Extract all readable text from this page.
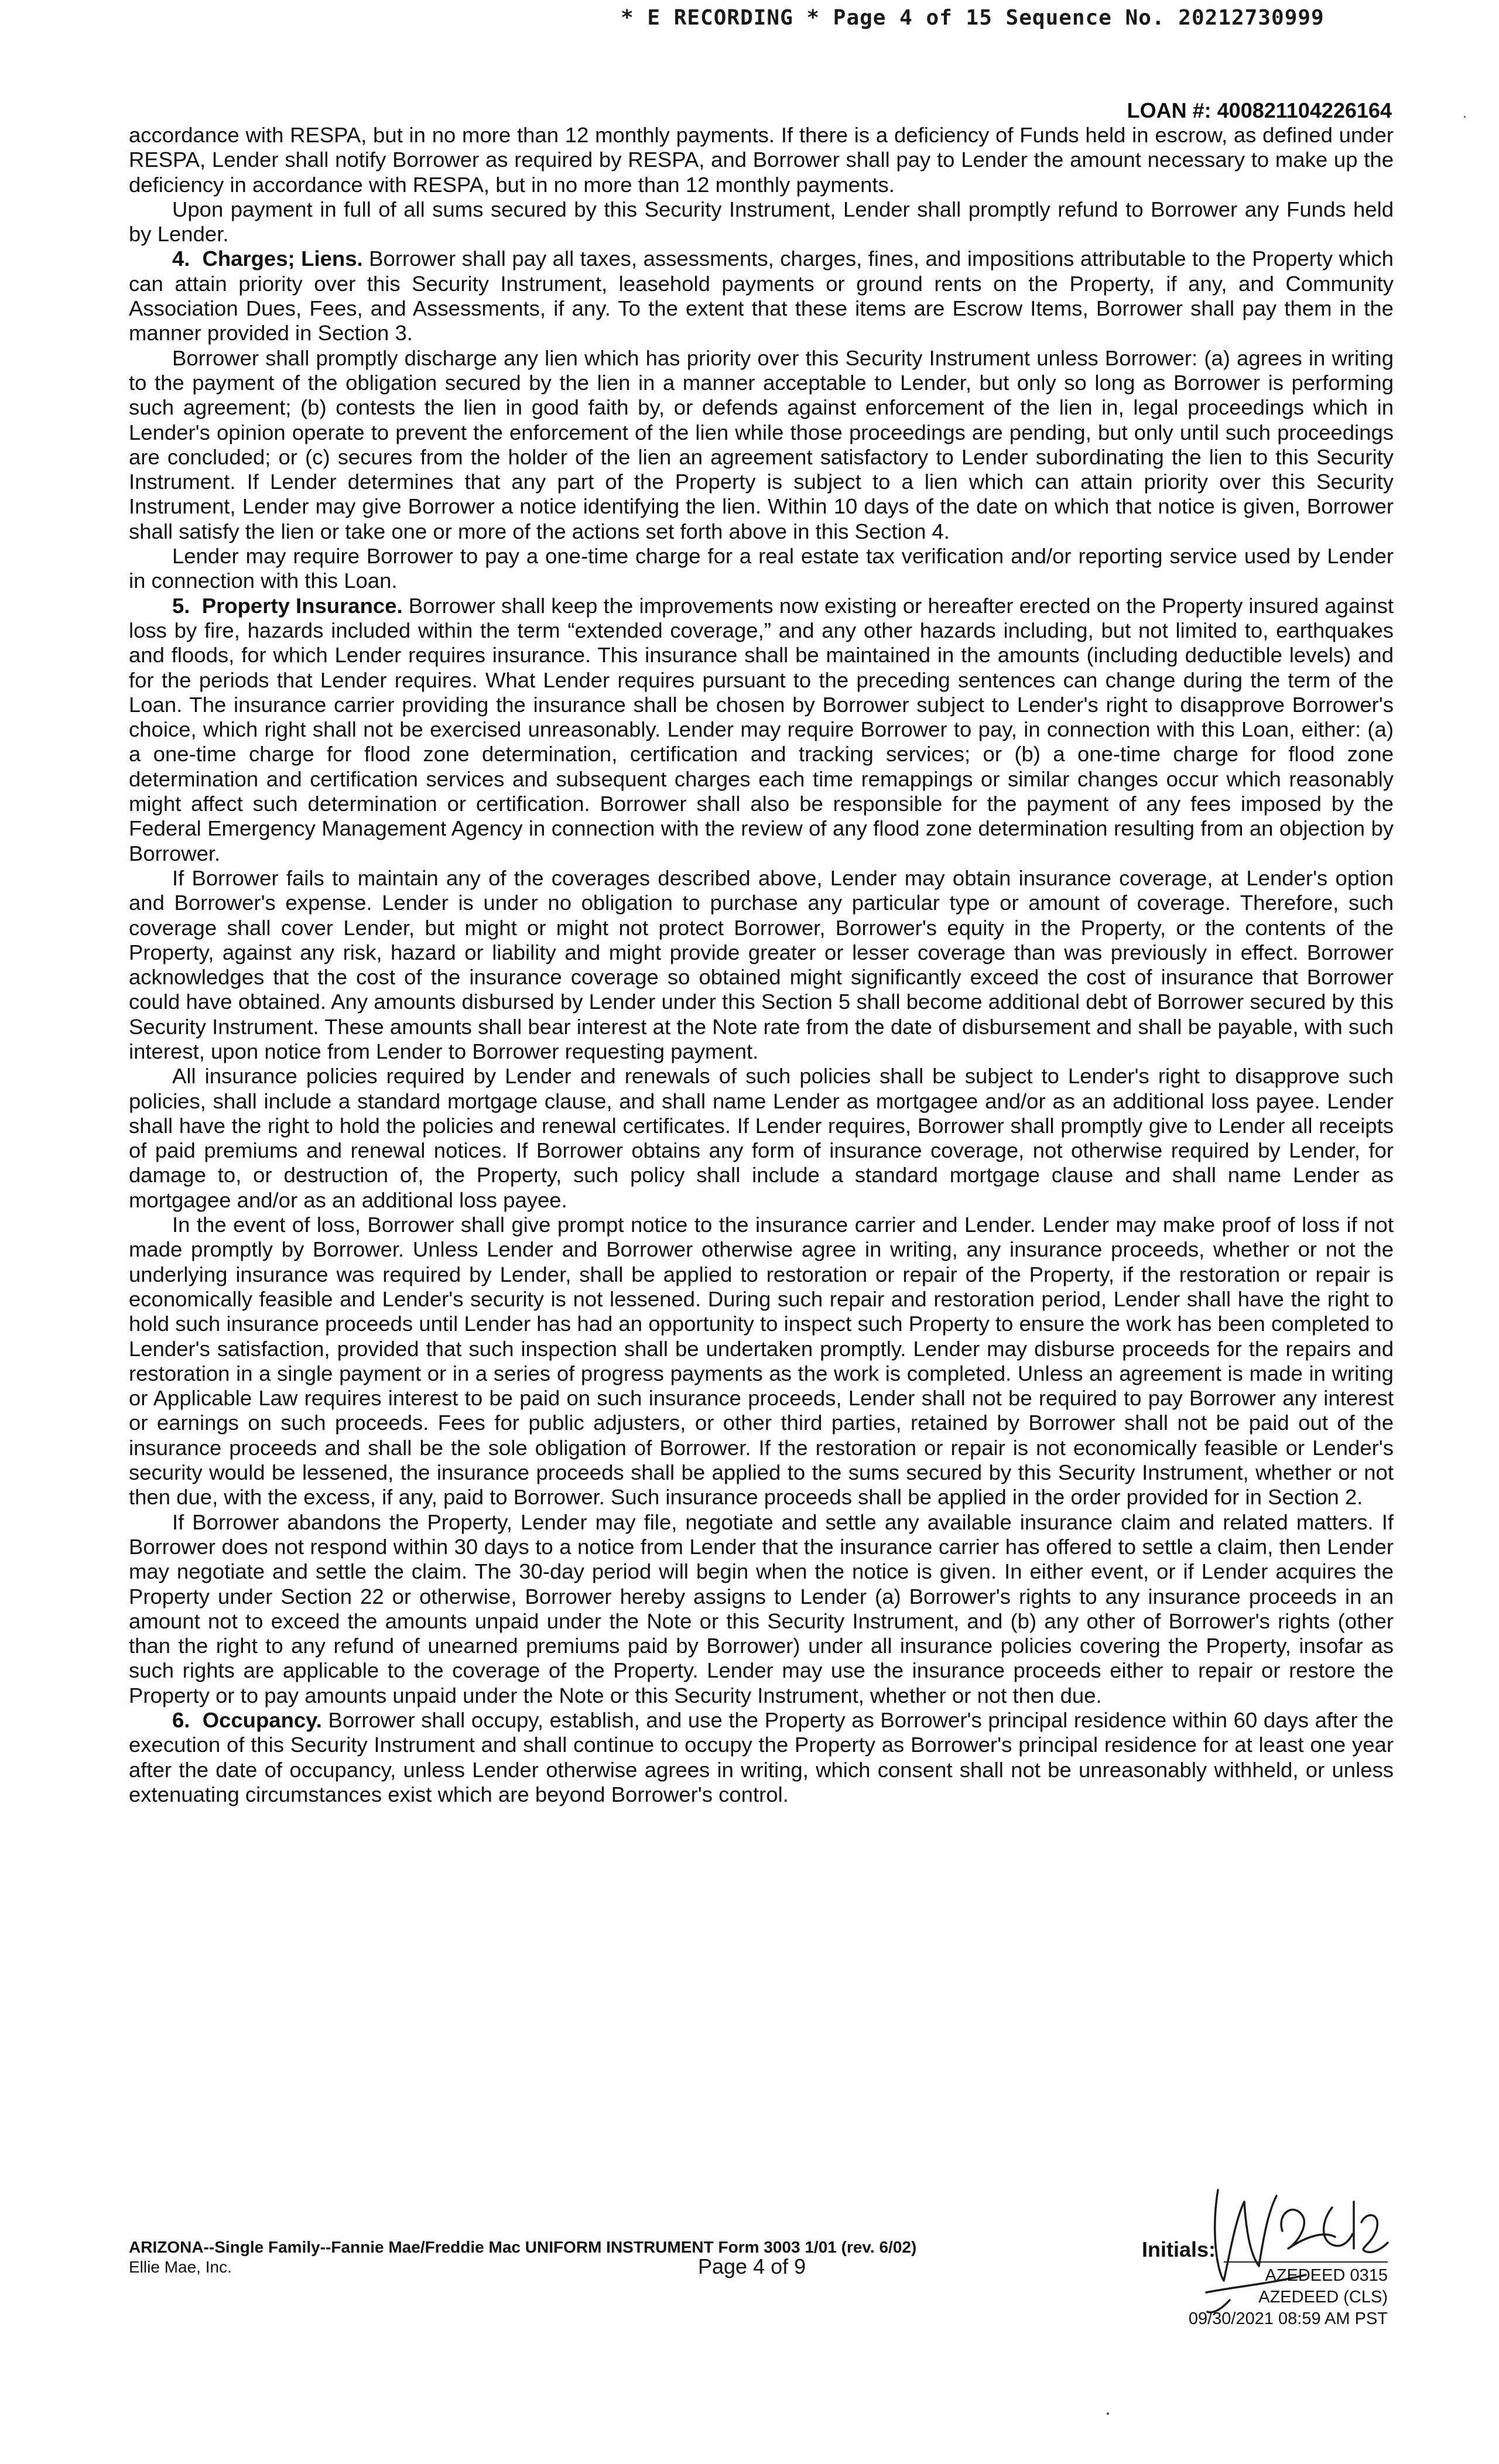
* E RECORDING * Page 4 of 15 Sequence No. 20212730999
LOAN #: 400821104226164

accordance with RESPA, but in no more than 12 monthly payments. If there is a deficiency of Funds held in escrow, as defined under RESPA, Lender shall notify Borrower as required by RESPA, and Borrower shall pay to Lender the amount necessary to make up the deficiency in accordance with RESPA, but in no more than 12 monthly payments.

Upon payment in full of all sums secured by this Security Instrument, Lender shall promptly refund to Borrower any Funds held by Lender.

4. Charges; Liens. Borrower shall pay all taxes, assessments, charges, fines, and impositions attributable to the Property which can attain priority over this Security Instrument, leasehold payments or ground rents on the Property, if any, and Community Association Dues, Fees, and Assessments, if any. To the extent that these items are Escrow Items, Borrower shall pay them in the manner provided in Section 3.

Borrower shall promptly discharge any lien which has priority over this Security Instrument unless Borrower: (a) agrees in writing to the payment of the obligation secured by the lien in a manner acceptable to Lender, but only so long as Borrower is performing such agreement; (b) contests the lien in good faith by, or defends against enforcement of the lien in, legal proceedings which in Lender's opinion operate to prevent the enforcement of the lien while those proceedings are pending, but only until such proceedings are concluded; or (c) secures from the holder of the lien an agreement satisfactory to Lender subordinating the lien to this Security Instrument. If Lender determines that any part of the Property is subject to a lien which can attain priority over this Security Instrument, Lender may give Borrower a notice identifying the lien. Within 10 days of the date on which that notice is given, Borrower shall satisfy the lien or take one or more of the actions set forth above in this Section 4.

Lender may require Borrower to pay a one-time charge for a real estate tax verification and/or reporting service used by Lender in connection with this Loan.

5. Property Insurance. Borrower shall keep the improvements now existing or hereafter erected on the Property insured against loss by fire, hazards included within the term “extended coverage,” and any other hazards including, but not limited to, earthquakes and floods, for which Lender requires insurance. This insurance shall be maintained in the amounts (including deductible levels) and for the periods that Lender requires. What Lender requires pursuant to the preceding sentences can change during the term of the Loan. The insurance carrier providing the insurance shall be chosen by Borrower subject to Lender's right to disapprove Borrower's choice, which right shall not be exercised unreasonably. Lender may require Borrower to pay, in connection with this Loan, either: (a) a one-time charge for flood zone determination, certification and tracking services; or (b) a one-time charge for flood zone determination and certification services and subsequent charges each time remappings or similar changes occur which reasonably might affect such determination or certification. Borrower shall also be responsible for the payment of any fees imposed by the Federal Emergency Management Agency in connection with the review of any flood zone determination resulting from an objection by Borrower.

If Borrower fails to maintain any of the coverages described above, Lender may obtain insurance coverage, at Lender's option and Borrower's expense. Lender is under no obligation to purchase any particular type or amount of coverage. Therefore, such coverage shall cover Lender, but might or might not protect Borrower, Borrower's equity in the Property, or the contents of the Property, against any risk, hazard or liability and might provide greater or lesser coverage than was previously in effect. Borrower acknowledges that the cost of the insurance coverage so obtained might significantly exceed the cost of insurance that Borrower could have obtained. Any amounts disbursed by Lender under this Section 5 shall become additional debt of Borrower secured by this Security Instrument. These amounts shall bear interest at the Note rate from the date of disbursement and shall be payable, with such interest, upon notice from Lender to Borrower requesting payment.

All insurance policies required by Lender and renewals of such policies shall be subject to Lender's right to disapprove such policies, shall include a standard mortgage clause, and shall name Lender as mortgagee and/or as an additional loss payee. Lender shall have the right to hold the policies and renewal certificates. If Lender requires, Borrower shall promptly give to Lender all receipts of paid premiums and renewal notices. If Borrower obtains any form of insurance coverage, not otherwise required by Lender, for damage to, or destruction of, the Property, such policy shall include a standard mortgage clause and shall name Lender as mortgagee and/or as an additional loss payee.

In the event of loss, Borrower shall give prompt notice to the insurance carrier and Lender. Lender may make proof of loss if not made promptly by Borrower. Unless Lender and Borrower otherwise agree in writing, any insurance proceeds, whether or not the underlying insurance was required by Lender, shall be applied to restoration or repair of the Property, if the restoration or repair is economically feasible and Lender's security is not lessened. During such repair and restoration period, Lender shall have the right to hold such insurance proceeds until Lender has had an opportunity to inspect such Property to ensure the work has been completed to Lender's satisfaction, provided that such inspection shall be undertaken promptly. Lender may disburse proceeds for the repairs and restoration in a single payment or in a series of progress payments as the work is completed. Unless an agreement is made in writing or Applicable Law requires interest to be paid on such insurance proceeds, Lender shall not be required to pay Borrower any interest or earnings on such proceeds. Fees for public adjusters, or other third parties, retained by Borrower shall not be paid out of the insurance proceeds and shall be the sole obligation of Borrower. If the restoration or repair is not economically feasible or Lender's security would be lessened, the insurance proceeds shall be applied to the sums secured by this Security Instrument, whether or not then due, with the excess, if any, paid to Borrower. Such insurance proceeds shall be applied in the order provided for in Section 2.

If Borrower abandons the Property, Lender may file, negotiate and settle any available insurance claim and related matters. If Borrower does not respond within 30 days to a notice from Lender that the insurance carrier has offered to settle a claim, then Lender may negotiate and settle the claim. The 30-day period will begin when the notice is given. In either event, or if Lender acquires the Property under Section 22 or otherwise, Borrower hereby assigns to Lender (a) Borrower's rights to any insurance proceeds in an amount not to exceed the amounts unpaid under the Note or this Security Instrument, and (b) any other of Borrower's rights (other than the right to any refund of unearned premiums paid by Borrower) under all insurance policies covering the Property, insofar as such rights are applicable to the coverage of the Property. Lender may use the insurance proceeds either to repair or restore the Property or to pay amounts unpaid under the Note or this Security Instrument, whether or not then due.

6. Occupancy. Borrower shall occupy, establish, and use the Property as Borrower's principal residence within 60 days after the execution of this Security Instrument and shall continue to occupy the Property as Borrower's principal residence for at least one year after the date of occupancy, unless Lender otherwise agrees in writing, which consent shall not be unreasonably withheld, or unless extenuating circumstances exist which are beyond Borrower's control.

ARIZONA--Single Family--Fannie Mae/Freddie Mac UNIFORM INSTRUMENT Form 3003 1/01 (rev. 6/02)
Ellie Mae, Inc.	Page 4 of 9
Initials:
AZEDEED 0315
AZEDEED (CLS)
09/30/2021 08:59 AM PST
